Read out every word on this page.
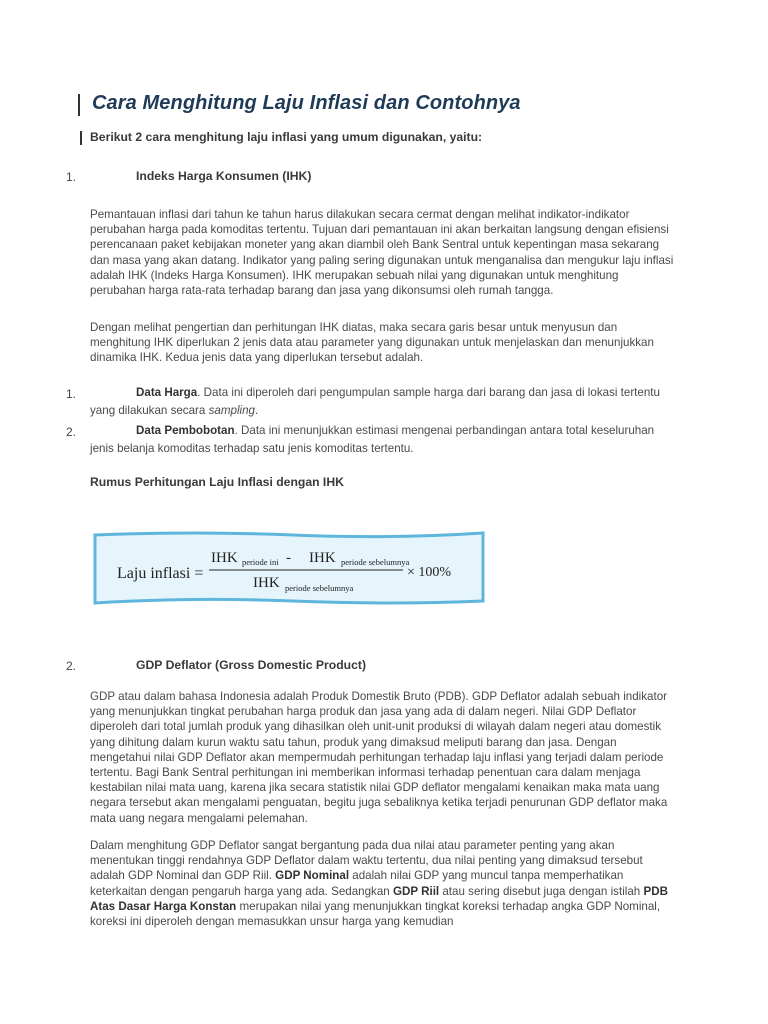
Cara Menghitung Laju Inflasi dan Contohnya
Berikut 2 cara menghitung laju inflasi yang umum digunakan, yaitu:
1.	Indeks Harga Konsumen (IHK)
Pemantauan inflasi dari tahun ke tahun harus dilakukan secara cermat dengan melihat indikator-indikator perubahan harga pada komoditas tertentu. Tujuan dari pemantauan ini akan berkaitan langsung dengan efisiensi perencanaan paket kebijakan moneter yang akan diambil oleh Bank Sentral untuk kepentingan masa sekarang dan masa yang akan datang. Indikator yang paling sering digunakan untuk menganalisa dan mengukur laju inflasi adalah IHK (Indeks Harga Konsumen). IHK merupakan sebuah nilai yang digunakan untuk menghitung perubahan harga rata-rata terhadap barang dan jasa yang dikonsumsi oleh rumah tangga.
Dengan melihat pengertian dan perhitungan IHK diatas, maka secara garis besar untuk menyusun dan menghitung IHK diperlukan 2 jenis data atau parameter yang digunakan untuk menjelaskan dan menunjukkan dinamika IHK. Kedua jenis data yang diperlukan tersebut adalah.
1.	Data Harga. Data ini diperoleh dari pengumpulan sample harga dari barang dan jasa di lokasi tertentu yang dilakukan secara sampling.
2.	Data Pembobotan. Data ini menunjukkan estimasi mengenai perbandingan antara total keseluruhan jenis belanja komoditas terhadap satu jenis komoditas tertentu.
Rumus Perhitungan Laju Inflasi dengan IHK
Laju inflasi =
IHK periode ini - IHK periode sebelumnya
IHK periode sebelumnya
× 100%
2.	GDP Deflator (Gross Domestic Product)
GDP atau dalam bahasa Indonesia adalah Produk Domestik Bruto (PDB). GDP Deflator adalah sebuah indikator yang menunjukkan tingkat perubahan harga produk dan jasa yang ada di dalam negeri. Nilai GDP Deflator diperoleh dari total jumlah produk yang dihasilkan oleh unit-unit produksi di wilayah dalam negeri atau domestik yang dihitung dalam kurun waktu satu tahun, produk yang dimaksud meliputi barang dan jasa. Dengan mengetahui nilai GDP Deflator akan mempermudah perhitungan terhadap laju inflasi yang terjadi dalam periode tertentu. Bagi Bank Sentral perhitungan ini memberikan informasi terhadap penentuan cara dalam menjaga kestabilan nilai mata uang, karena jika secara statistik nilai GDP deflator mengalami kenaikan maka mata uang negara tersebut akan mengalami penguatan, begitu juga sebaliknya ketika terjadi penurunan GDP deflator maka mata uang negara mengalami pelemahan.
Dalam menghitung GDP Deflator sangat bergantung pada dua nilai atau parameter penting yang akan menentukan tinggi rendahnya GDP Deflator dalam waktu tertentu, dua nilai penting yang dimaksud tersebut adalah GDP Nominal dan GDP Riil. GDP Nominal adalah nilai GDP yang muncul tanpa memperhatikan keterkaitan dengan pengaruh harga yang ada. Sedangkan GDP Riil atau sering disebut juga dengan istilah PDB Atas Dasar Harga Konstan merupakan nilai yang menunjukkan tingkat koreksi terhadap angka GDP Nominal, koreksi ini diperoleh dengan memasukkan unsur harga yang kemudian
